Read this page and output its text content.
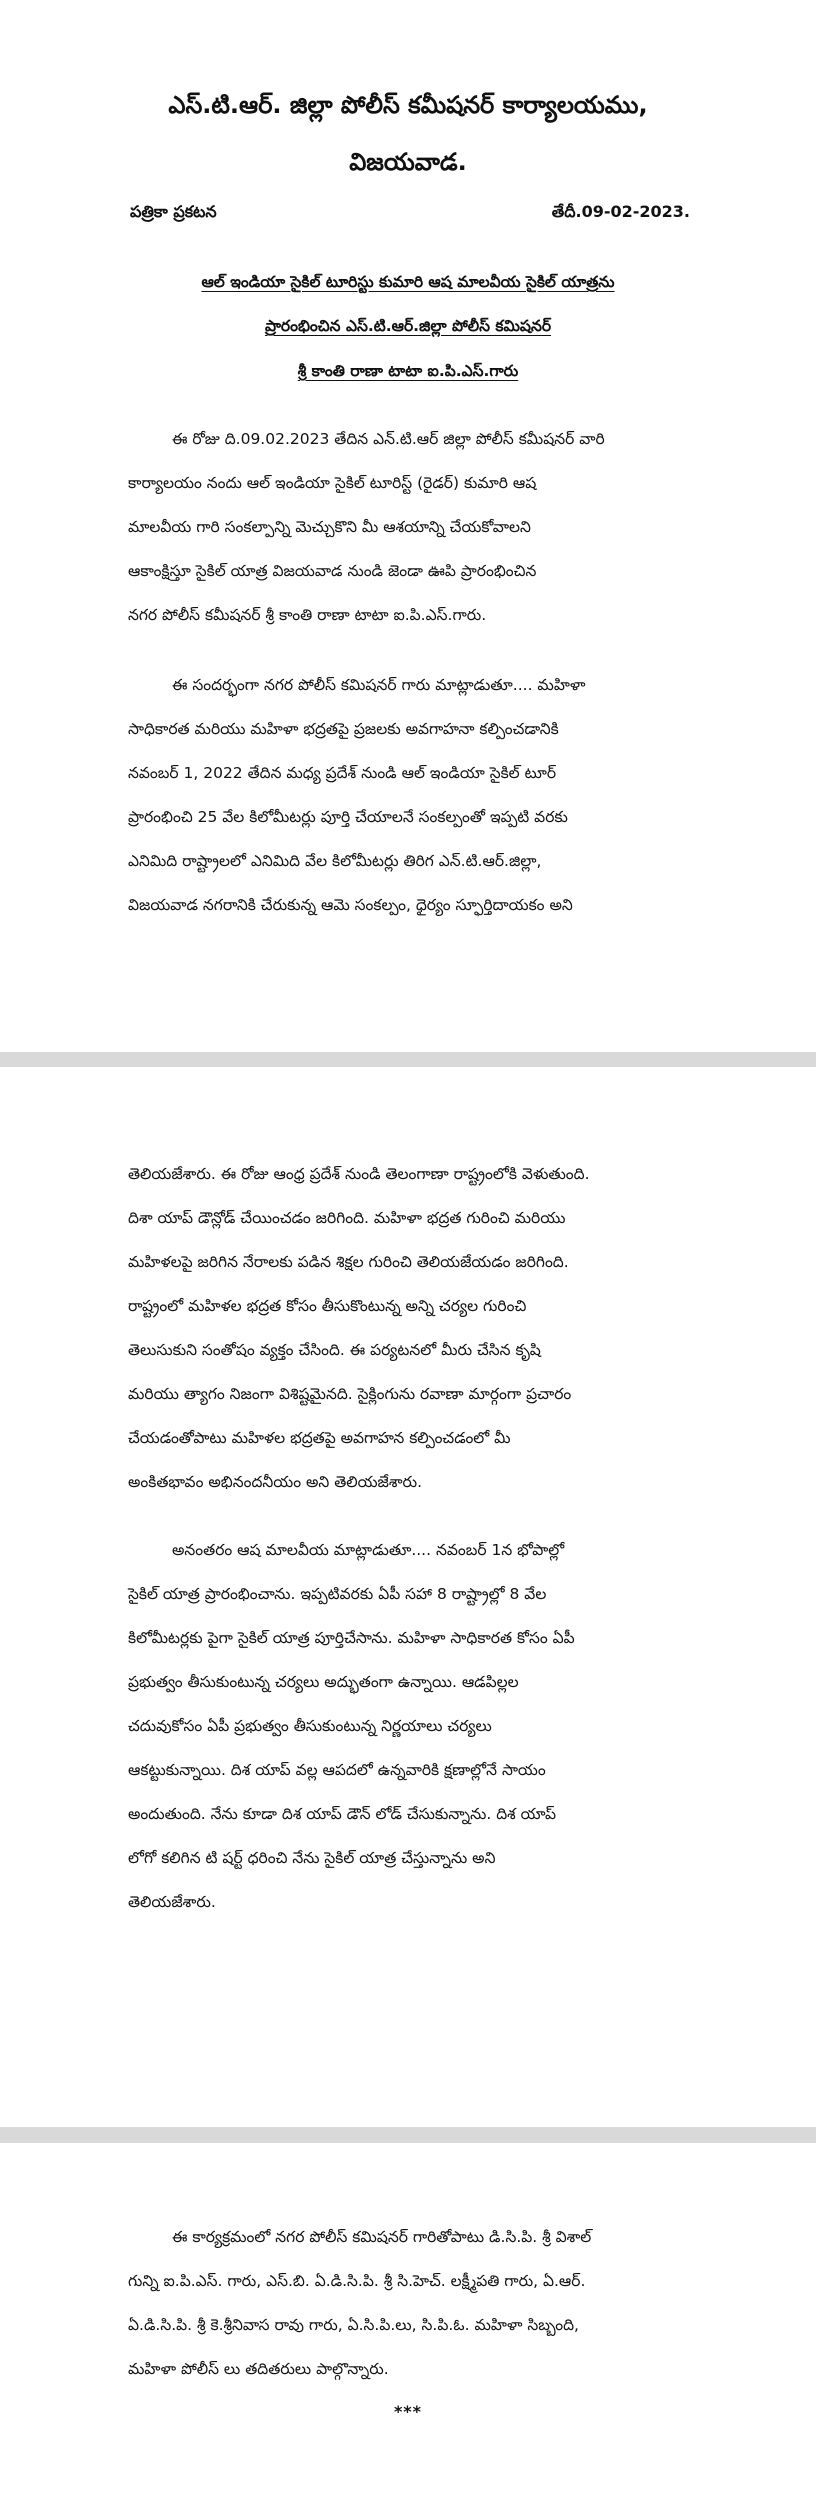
ఎస్.టి.ఆర్. జిల్లా పోలీస్ కమీషనర్ కార్యాలయము,
విజయవాడ.
పత్రికా ప్రకటన	తేదీ.09-02-2023.
ఆల్ ఇండియా సైకిల్ టూరిస్టు కుమారి ఆష మాలవీయ సైకిల్ యాత్రను
ప్రారంభించిన ఎస్.టి.ఆర్.జిల్లా పోలీస్ కమిషనర్
శ్రీ కాంతి రాణా టాటా ఐ.పి.ఎస్.గారు
ఈ రోజు ది.09.02.2023 తేదిన ఎన్.టి.ఆర్ జిల్లా పోలీస్ కమీషనర్ వారి
కార్యాలయం నందు ఆల్ ఇండియా సైకిల్ టూరిస్ట్ (రైడర్) కుమారి ఆష
మాలవీయ గారి సంకల్పాన్ని మెచ్చుకొని మీ ఆశయాన్ని చేయకోవాలని
ఆకాంక్షిస్తూ సైకిల్ యాత్ర విజయవాడ నుండి జెండా ఊపి ప్రారంభించిన
నగర పోలీస్ కమీషనర్ శ్రీ కాంతి రాణా టాటా ఐ.పి.ఎస్.గారు.
ఈ సందర్భంగా నగర పోలీస్ కమిషనర్ గారు మాట్లాడుతూ.... మహిళా
సాధికారత మరియు మహిళా భద్రతపై ప్రజలకు అవగాహనా కల్పించడానికి
నవంబర్ 1, 2022 తేదిన మధ్య ప్రదేశ్ నుండి ఆల్ ఇండియా సైకిల్ టూర్
ప్రారంభించి 25 వేల కిలోమీటర్లు పూర్తి చేయాలనే సంకల్పంతో ఇప్పటి వరకు
ఎనిమిది రాష్ట్రాలలో ఎనిమిది వేల కిలోమీటర్లు తిరిగ ఎన్.టి.ఆర్.జిల్లా,
విజయవాడ నగరానికి చేరుకున్న ఆమె సంకల్పం, ధైర్యం స్ఫూర్తిదాయకం అని
తెలియజేశారు. ఈ రోజు ఆంధ్ర ప్రదేశ్ నుండి తెలంగాణా రాష్ట్రంలోకి వెళుతుంది.
దిశా యాప్ డౌన్లోడ్ చేయించడం జరిగింది. మహిళా భద్రత గురించి మరియు
మహిళలపై జరిగిన నేరాలకు పడిన శిక్షల గురించి తెలియజేయడం జరిగింది.
రాష్ట్రంలో మహిళల భద్రత కోసం తీసుకొంటున్న అన్ని చర్యల గురించి
తెలుసుకుని సంతోషం వ్యక్తం చేసింది. ఈ పర్యటనలో మీరు చేసిన కృషి
మరియు త్యాగం నిజంగా విశిష్టమైనది. సైక్లింగును రవాణా మార్గంగా ప్రచారం
చేయడంతోపాటు మహిళల భద్రతపై అవగాహన కల్పించడంలో మీ
అంకితభావం అభినందనీయం అని తెలియజేశారు.
అనంతరం ఆష మాలవీయ మాట్లాడుతూ.... నవంబర్ 1న భోపాల్లో
సైకిల్ యాత్ర ప్రారంభించాను. ఇప్పటివరకు ఏపీ సహా 8 రాష్ట్రాల్లో 8 వేల
కిలోమీటర్లకు పైగా సైకిల్ యాత్ర పూర్తిచేసాను. మహిళా సాధికారత కోసం ఏపీ
ప్రభుత్వం తీసుకుంటున్న చర్యలు అద్భుతంగా ఉన్నాయి. ఆడపిల్లల
చదువుకోసం ఏపీ ప్రభుత్వం తీసుకుంటున్న నిర్ణయాలు చర్యలు
ఆకట్టుకున్నాయి. దిశ యాప్ వల్ల ఆపదలో ఉన్నవారికి క్షణాల్లోనే సాయం
అందుతుంది. నేను కూడా దిశ యాప్ డౌన్ లోడ్ చేసుకున్నాను. దిశ యాప్
లోగో కలిగిన టి షర్ట్ ధరించి నేను సైకిల్ యాత్ర చేస్తున్నాను అని
తెలియజేశారు.
ఈ కార్యక్రమంలో నగర పోలీస్ కమిషనర్ గారితోపాటు డి.సి.పి. శ్రీ విశాల్
గున్ని ఐ.పి.ఎస్. గారు, ఎస్.బి. ఏ.డి.సి.పి. శ్రీ సి.హెచ్. లక్ష్మీపతి గారు, ఏ.ఆర్.
ఏ.డి.సి.పి. శ్రీ కె.శ్రీనివాస రావు గారు, ఏ.సి.పి.లు, సి.పి.ఓ. మహిళా సిబ్బంది,
మహిళా పోలీస్ లు తదితరులు పాల్గొన్నారు.
***
